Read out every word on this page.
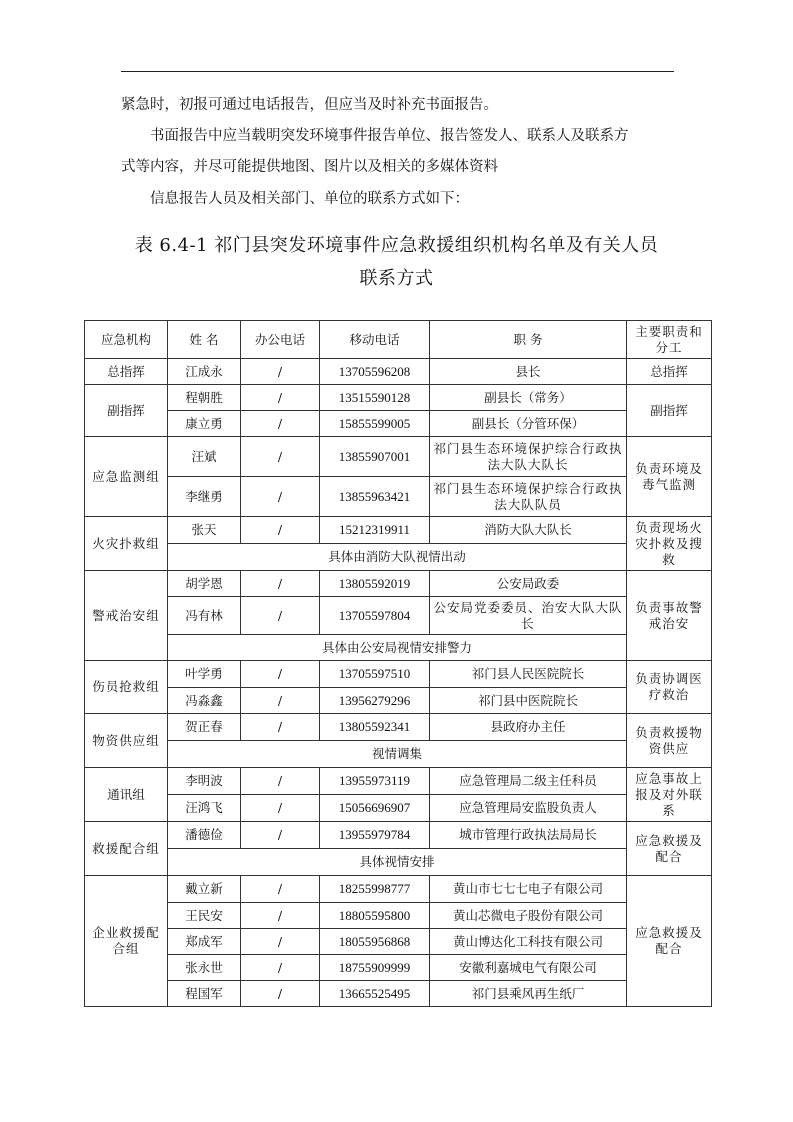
紧急时，初报可通过电话报告，但应当及时补充书面报告。
书面报告中应当载明突发环境事件报告单位、报告签发人、联系人及联系方
式等内容，并尽可能提供地图、图片以及相关的多媒体资料
信息报告人员及相关部门、单位的联系方式如下：
表 6.4-1 祁门县突发环境事件应急救援组织机构名单及有关人员
联系方式
应急机构	姓 名	办公电话	移动电话	职 务	主要职责和分工
总指挥	江成永	/	13705596208	县长	总指挥
副指挥	程朝胜	/	13515590128	副县长（常务）	副指挥
	康立勇	/	15855599005	副县长（分管环保）	
应急监测组	汪斌	/	13855907001	祁门县生态环境保护综合行政执法大队大队长	负责环境及毒气监测
	李继勇	/	13855963421	祁门县生态环境保护综合行政执法大队队员	
火灾扑救组	张天	/	15212319911	消防大队大队长	负责现场火灾扑救及搜救
	具体由消防大队视情出动				
警戒治安组	胡学恩	/	13805592019	公安局政委	负责事故警戒治安
	冯有林	/	13705597804	公安局党委委员、治安大队大队长	
	具体由公安局视情安排警力				
伤员抢救组	叶学勇	/	13705597510	祁门县人民医院院长	负责协调医疗救治
	冯淼鑫	/	13956279296	祁门县中医院院长	
物资供应组	贺正春	/	13805592341	县政府办主任	负责救援物资供应
	视情调集				
通讯组	李明波	/	13955973119	应急管理局二级主任科员	应急事故上报及对外联系
	汪鸿飞	/	15056696907	应急管理局安监股负责人	
救援配合组	潘德俭	/	13955979784	城市管理行政执法局局长	应急救援及配合
	具体视情安排				
企业救援配合组	戴立新	/	18255998777	黄山市七七七电子有限公司	应急救援及配合
	王民安	/	18805595800	黄山芯微电子股份有限公司	
	郑成军	/	18055956868	黄山博达化工科技有限公司	
	张永世	/	18755909999	安徽利嘉城电气有限公司	
	程国军	/	13665525495	祁门县乘风再生纸厂	
